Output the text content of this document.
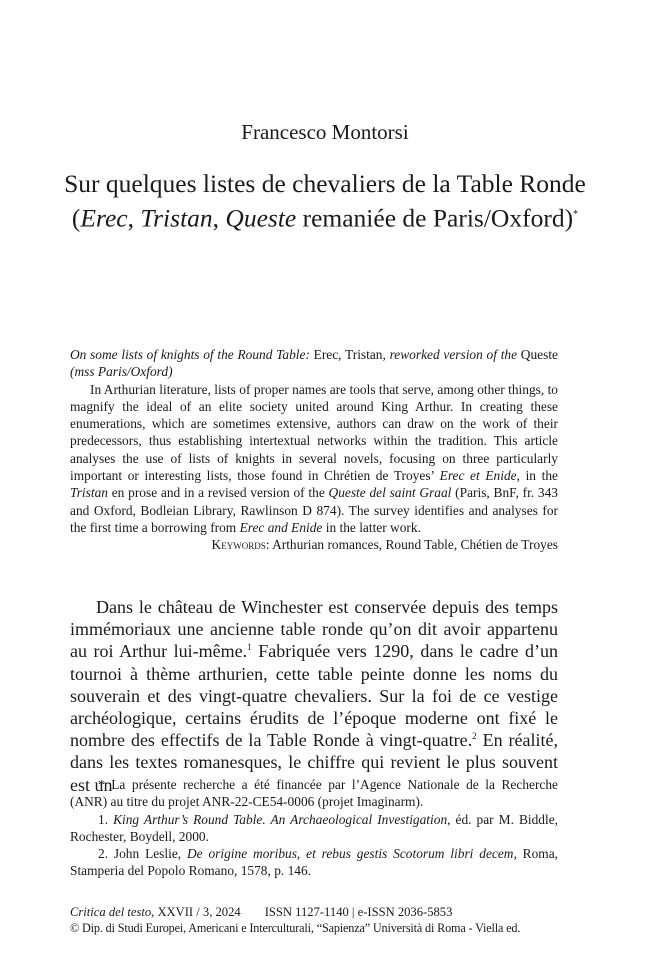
Francesco Montorsi
Sur quelques listes de chevaliers de la Table Ronde
(Erec, Tristan, Queste remaniée de Paris/Oxford)*

On some lists of knights of the Round Table: Erec, Tristan, reworked version of the Queste (mss Paris/Oxford)

In Arthurian literature, lists of proper names are tools that serve, among other things, to magnify the ideal of an elite society united around King Arthur. In creating these enumerations, which are sometimes extensive, authors can draw on the work of their predecessors, thus establishing intertextual networks within the tradition. This article analyses the use of lists of knights in several novels, focusing on three particularly important or interesting lists, those found in Chrétien de Troyes’ Erec et Enide, in the Tristan en prose and in a revised version of the Queste del saint Graal (Paris, BnF, fr. 343 and Oxford, Bodleian Library, Rawlinson D 874). The survey identifies and analyses for the first time a borrowing from Erec and Enide in the latter work.

Keywords: Arthurian romances, Round Table, Chétien de Troyes

Dans le château de Winchester est conservée depuis des temps immémoriaux une ancienne table ronde qu’on dit avoir appartenu au roi Arthur lui-même.$^1$ Fabriquée vers 1290, dans le cadre d’un tournoi à thème arthurien, cette table peinte donne les noms du souverain et des vingt-quatre chevaliers. Sur la foi de ce vestige archéologique, certains érudits de l’époque moderne ont fixé le nombre des effectifs de la Table Ronde à vingt-quatre.$^2$ En réalité, dans les textes romanesques, le chiffre qui revient le plus souvent est un

* La présente recherche a été financée par l’Agence Nationale de la Recherche (ANR) au titre du projet ANR-22-CE54-0006 (projet Imaginarm).

1. King Arthur’s Round Table. An Archaeological Investigation, éd. par M. Biddle, Rochester, Boydell, 2000.

2. John Leslie, De origine moribus, et rebus gestis Scotorum libri decem, Roma, Stamperia del Popolo Romano, 1578, p. 146.

Critica del testo, XXVII / 3, 2024 ISSN 1127-1140 | e-ISSN 2036-5853
© Dip. di Studi Europei, Americani e Interculturali, “Sapienza” Università di Roma - Viella ed.
